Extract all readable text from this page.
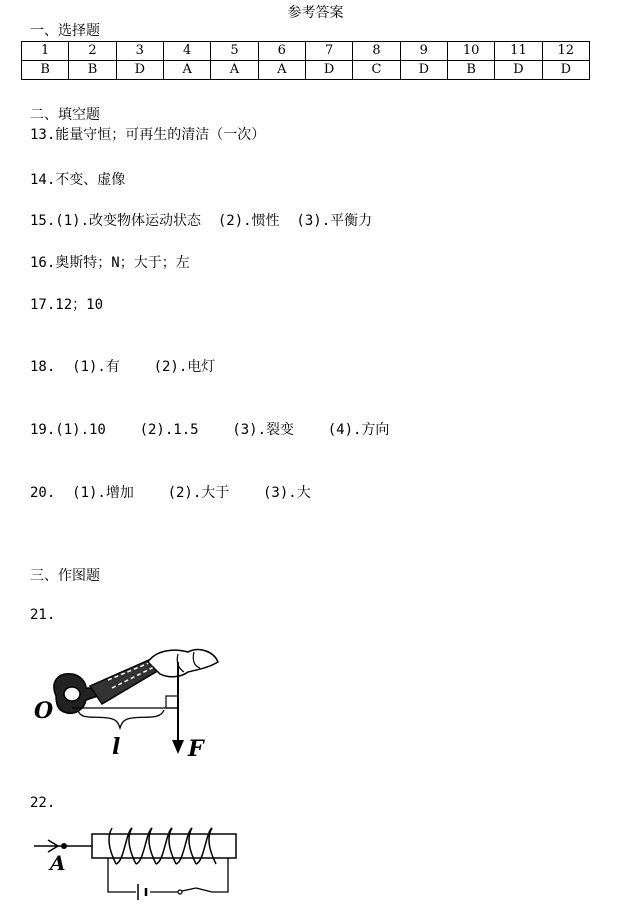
参考答案
一、选择题
1	2	3	4	5	6	7	8	9	10	11	12
B	B	D	A	A	A	D	C	D	B	D	D
二、填空题
13.能量守恒；可再生的清洁（一次）
14.不变、虚像
15.(1).改变物体运动状态  (2).惯性  (3).平衡力
16.奥斯特；N；大于；左
17.12；10
18.  (1).有    (2).电灯
19.(1).10    (2).1.5    (3).裂变    (4).方向
20.  (1).增加    (2).大于    (3).大
三、作图题
21.
O
l	F
22.
A
